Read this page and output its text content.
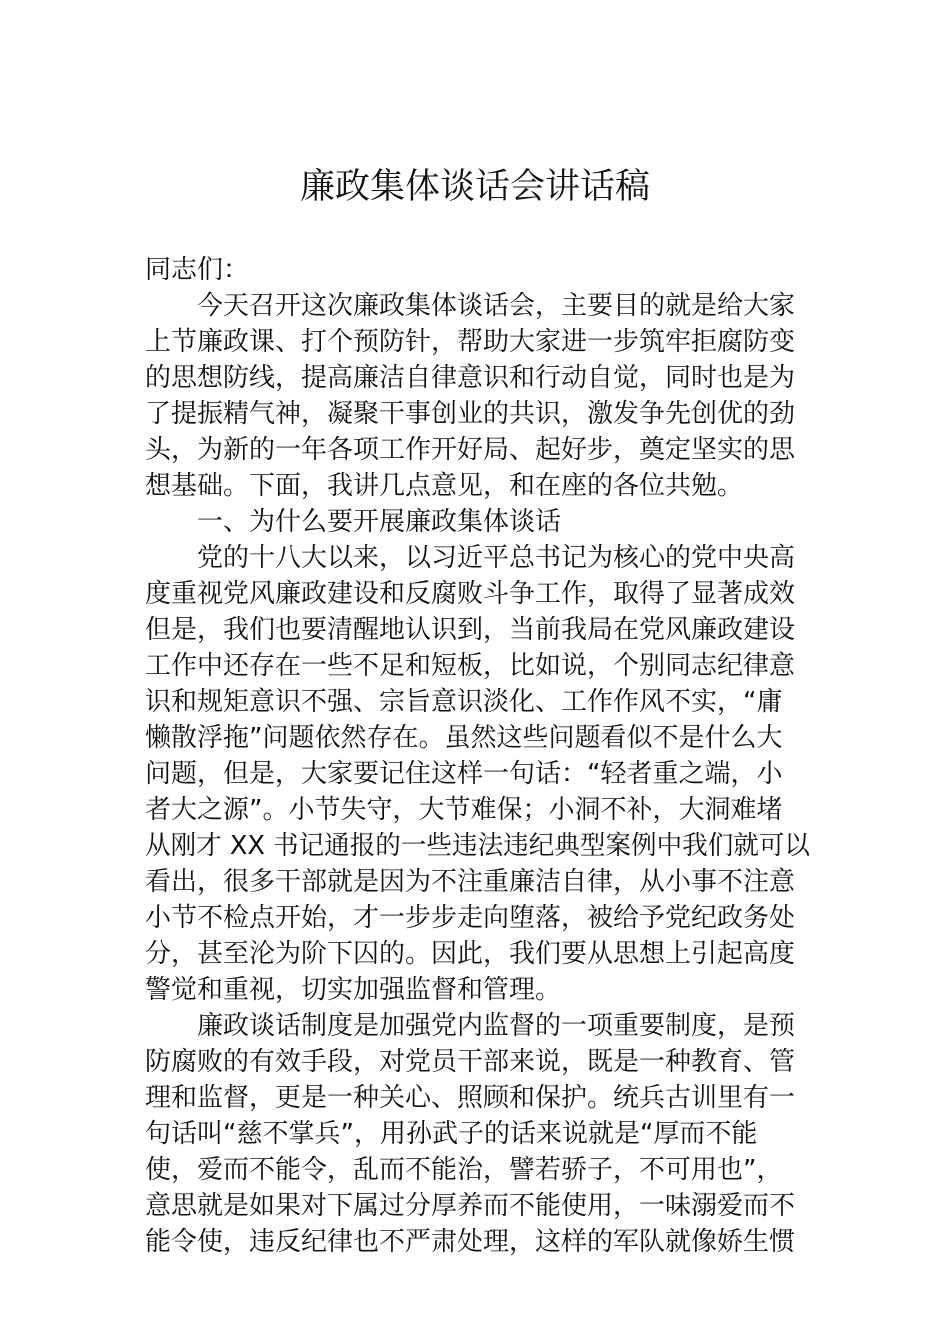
廉政集体谈话会讲话稿
同志们：
今天召开这次廉政集体谈话会，主要目的就是给大家
上节廉政课、打个预防针，帮助大家进一步筑牢拒腐防变
的思想防线，提高廉洁自律意识和行动自觉，同时也是为
了提振精气神，凝聚干事创业的共识，激发争先创优的劲
头，为新的一年各项工作开好局、起好步，奠定坚实的思
想基础。下面，我讲几点意见，和在座的各位共勉。
一、为什么要开展廉政集体谈话
党的十八大以来，以习近平总书记为核心的党中央高
度重视党风廉政建设和反腐败斗争工作，取得了显著成效
但是，我们也要清醒地认识到，当前我局在党风廉政建设
工作中还存在一些不足和短板，比如说，个别同志纪律意
识和规矩意识不强、宗旨意识淡化、工作作风不实，“庸
懒散浮拖”问题依然存在。虽然这些问题看似不是什么大
问题，但是，大家要记住这样一句话：“轻者重之端，小
者大之源”。小节失守，大节难保；小洞不补，大洞难堵
从刚才 XX 书记通报的一些违法违纪典型案例中我们就可以
看出，很多干部就是因为不注重廉洁自律，从小事不注意
小节不检点开始，才一步步走向堕落，被给予党纪政务处
分，甚至沦为阶下囚的。因此，我们要从思想上引起高度
警觉和重视，切实加强监督和管理。
廉政谈话制度是加强党内监督的一项重要制度，是预
防腐败的有效手段，对党员干部来说，既是一种教育、管
理和监督，更是一种关心、照顾和保护。统兵古训里有一
句话叫“慈不掌兵”，用孙武子的话来说就是“厚而不能
使，爱而不能令，乱而不能治，譬若骄子，不可用也”，
意思就是如果对下属过分厚养而不能使用，一味溺爱而不
能令使，违反纪律也不严肃处理，这样的军队就像娇生惯
